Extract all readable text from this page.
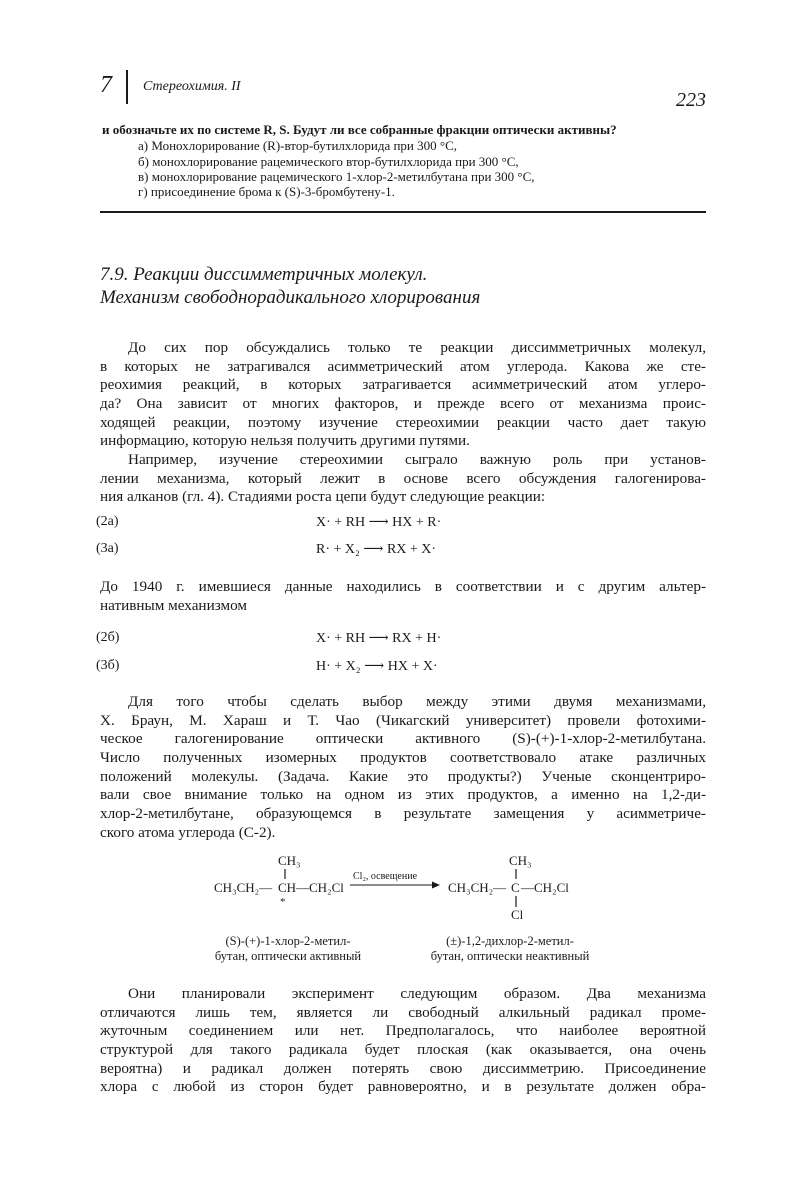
7 Стереохимия. II
223
и обозначьте их по системе R, S. Будут ли все собранные фракции оптически активны?
а) Монохлорирование (R)-втор-бутилхлорида при 300 °С,
б) монохлорирование рацемического втор-бутилхлорида при 300 °С,
в) монохлорирование рацемического 1-хлор-2-метилбутана при 300 °С,
г) присоединение брома к (S)-3-бромбутену-1.
7.9. Реакции диссимметричных молекул.
Механизм свободнорадикального хлорирования
До сих пор обсуждались только те реакции диссимметричных молекул,
в которых не затрагивался асимметрический атом углерода. Какова же сте-
реохимия реакций, в которых затрагивается асимметрический атом углеро-
да? Она зависит от многих факторов, и прежде всего от механизма проис-
ходящей реакции, поэтому изучение стереохимии реакции часто дает такую
информацию, которую нельзя получить другими путями.
Например, изучение стереохимии сыграло важную роль при установ-
лении механизма, который лежит в основе всего обсуждения галогенирова-
ния алканов (гл. 4). Стадиями роста цепи будут следующие реакции:
(2а)	X· + RH ⟶ HX + R·
(3а)	R· + X₂ ⟶ RX + X·
До 1940 г. имевшиеся данные находились в соответствии и с другим альтер-
нативным механизмом
(2б)	X· + RH ⟶ RX + H·
(3б)	H· + X₂ ⟶ HX + X·
Для того чтобы сделать выбор между этими двумя механизмами,
Х. Браун, М. Хараш и Т. Чао (Чикагский университет) провели фотохими-
ческое галогенирование оптически активного (S)-(+)-1-хлор-2-метилбутана.
Число полученных изомерных продуктов соответствовало атаке различных
положений молекулы. (Задача. Какие это продукты?) Ученые сконцентриро-
вали свое внимание только на одном из этих продуктов, а именно на 1,2-ди-
хлор-2-метилбутане, образующемся в результате замещения у асимметриче-
ского атома углерода (С-2).
CH₃
CH₃CH₂— CH —CH₂Cl
*
Cl₂, освещение
CH₃
CH₃CH₂— C —CH₂Cl
Cl
(S)-(+)-1-хлор-2-метил-
бутан, оптически активный
(±)-1,2-дихлор-2-метил-
бутан, оптически неактивный
Они планировали эксперимент следующим образом. Два механизма
отличаются лишь тем, является ли свободный алкильный радикал проме-
жуточным соединением или нет. Предполагалось, что наиболее вероятной
структурой для такого радикала будет плоская (как оказывается, она очень
вероятна) и радикал должен потерять свою диссимметрию. Присоединение
хлора с любой из сторон будет равновероятно, и в результате должен обра-
